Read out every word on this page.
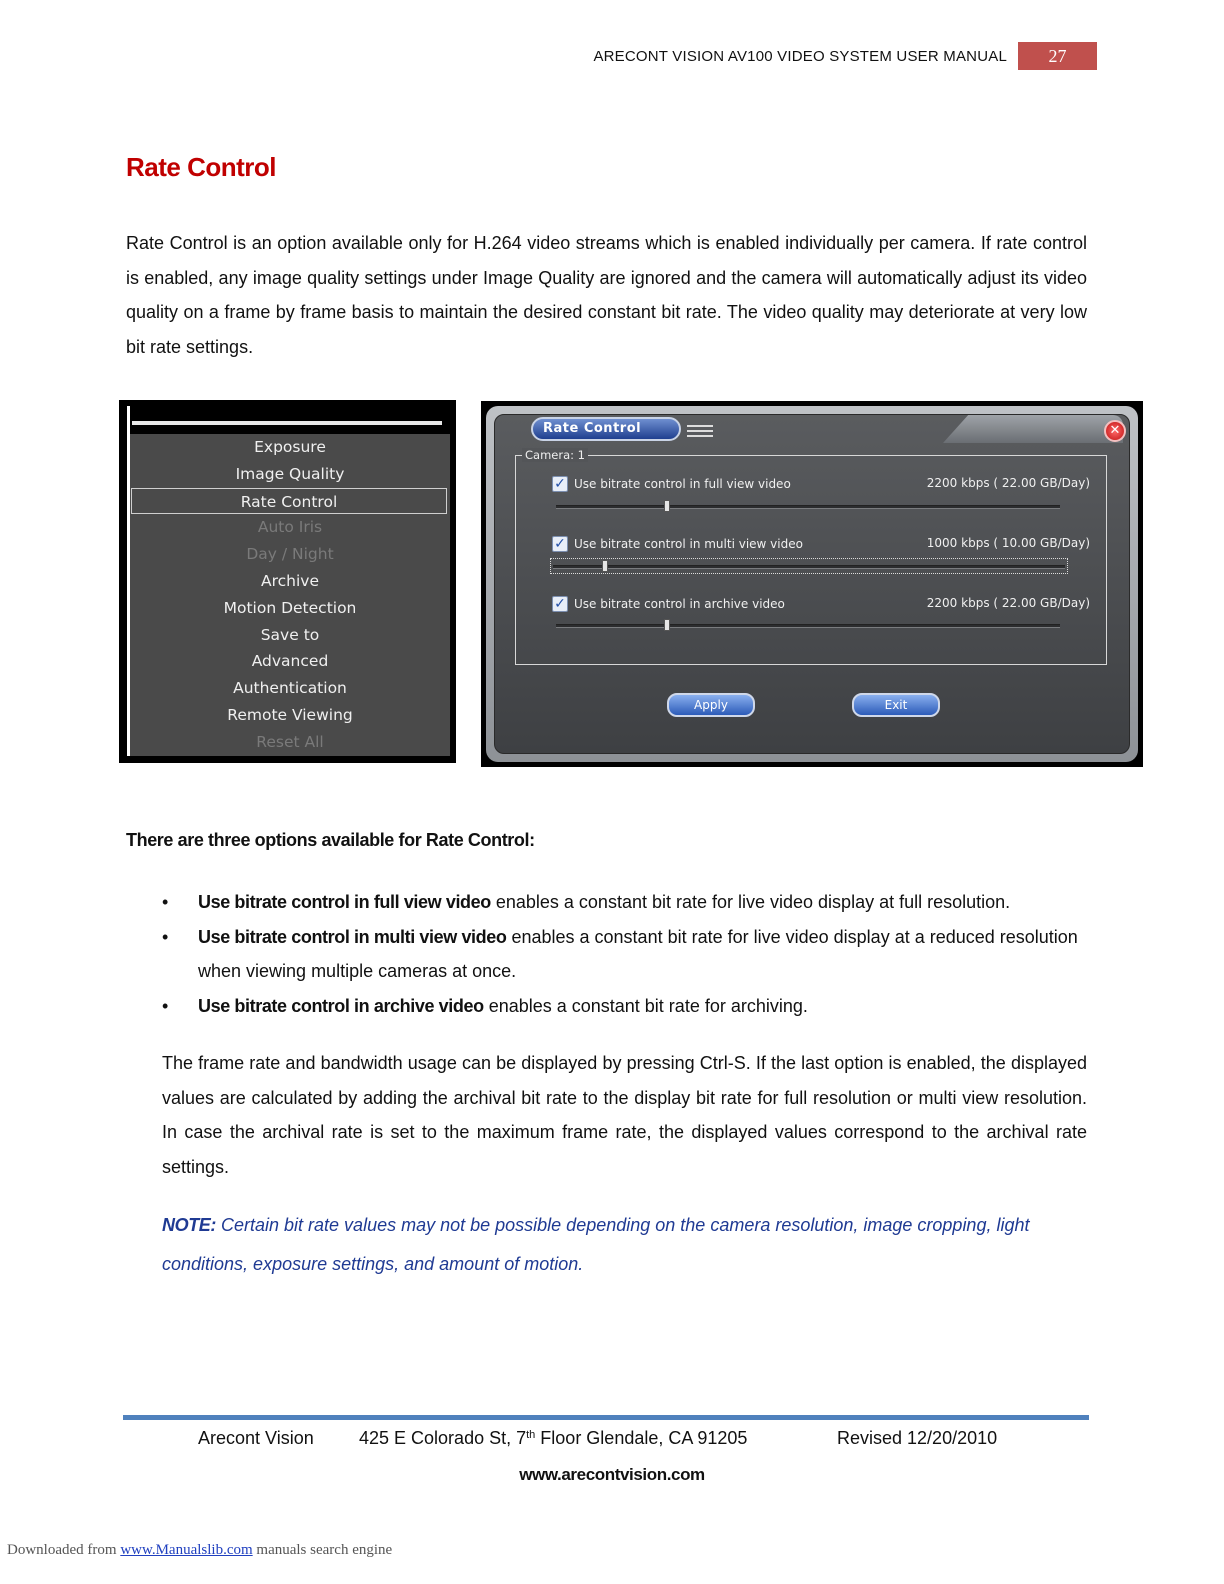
ARECONT VISION AV100 VIDEO SYSTEM USER MANUAL	27
Rate Control

Rate Control is an option available only for H.264 video streams which is enabled individually per camera. If rate control is enabled, any image quality settings under Image Quality are ignored and the camera will automatically adjust its video quality on a frame by frame basis to maintain the desired constant bit rate. The video quality may deteriorate at very low bit rate settings.

Exposure
Image Quality
Rate Control
Auto Iris
Day / Night
Archive
Motion Detection
Save to
Advanced
Authentication
Remote Viewing
Reset All
Rate Control	✕
Camera: 1
✓ Use bitrate control in full view video	2200 kbps ( 22.00 GB/Day)
✓ Use bitrate control in multi view video	1000 kbps ( 10.00 GB/Day)
✓ Use bitrate control in archive video	2200 kbps ( 22.00 GB/Day)
Apply	Exit
There are three options available for Rate Control:
• Use bitrate control in full view video enables a constant bit rate for live video display at full resolution.
• Use bitrate control in multi view video enables a constant bit rate for live video display at a reduced resolution when viewing multiple cameras at once.
• Use bitrate control in archive video enables a constant bit rate for archiving.

The frame rate and bandwidth usage can be displayed by pressing Ctrl-S. If the last option is enabled, the displayed values are calculated by adding the archival bit rate to the display bit rate for full resolution or multi view resolution. In case the archival rate is set to the maximum frame rate, the displayed values correspond to the archival rate settings.

NOTE: Certain bit rate values may not be possible depending on the camera resolution, image cropping, light conditions, exposure settings, and amount of motion.

Arecont Vision	425 E Colorado St, 7th Floor Glendale, CA 91205	Revised 12/20/2010
www.arecontvision.com
Downloaded from www.Manualslib.com manuals search engine
